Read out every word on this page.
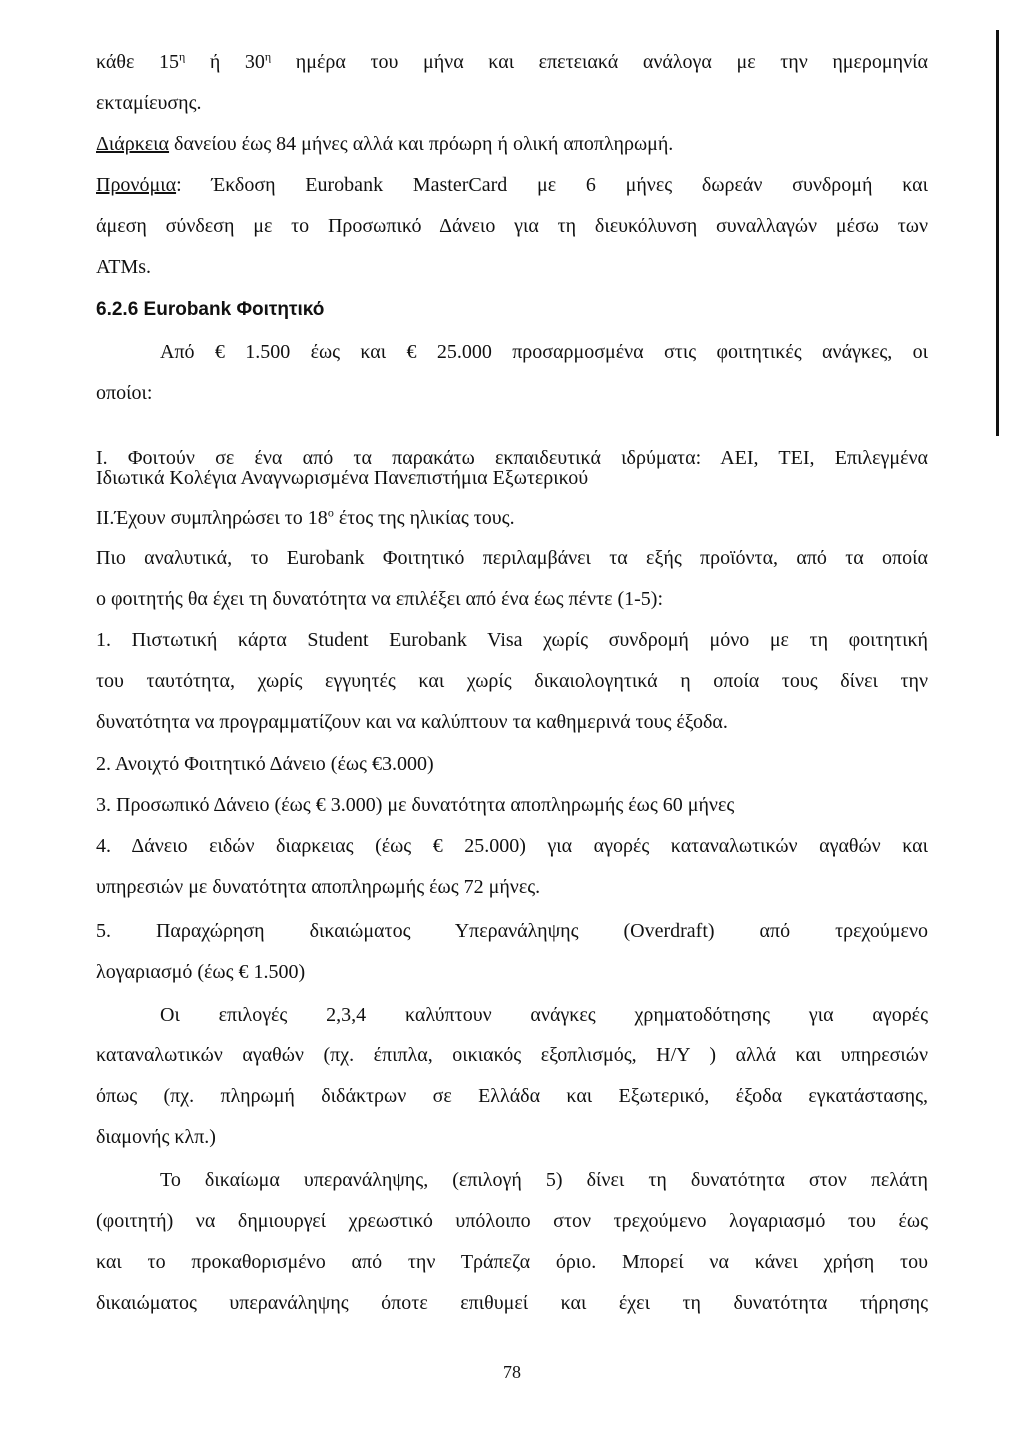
κάθε $15^\eta$ ή $30^\eta$ ημέρα του μήνα και επετειακά ανάλογα με την ημερομηνία
εκταμίευσης.
Διάρκεια δανείου έως 84 μήνες αλλά και πρόωρη ή ολική αποπληρωμή.
Προνόμια: Έκδοση Eurobank MasterCard με 6 μήνες δωρεάν συνδρομή και
άμεση σύνδεση με το Προσωπικό Δάνειο για τη διευκόλυνση συναλλαγών μέσω των
ATMs.
6.2.6 Eurobank Φοιτητικό
Από € 1.500 έως και € 25.000 προσαρμοσμένα στις φοιτητικές ανάγκες, οι
οποίοι:
I. Φοιτούν σε ένα από τα παρακάτω εκπαιδευτικά ιδρύματα: ΑΕΙ, ΤΕΙ, Επιλεγμένα
Ιδιωτικά Κολέγια Αναγνωρισμένα Πανεπιστήμια Εξωτερικού
II.Έχουν συμπληρώσει το $18^o$ έτος της ηλικίας τους.
Πιο αναλυτικά, το Eurobank Φοιτητικό περιλαμβάνει τα εξής προϊόντα, από τα οποία
ο φοιτητής θα έχει τη δυνατότητα να επιλέξει από ένα έως πέντε (1-5):
1. Πιστωτική κάρτα Student Eurobank Visa χωρίς συνδρομή μόνο με τη φοιτητική
του ταυτότητα, χωρίς εγγυητές και χωρίς δικαιολογητικά η οποία τους δίνει την
δυνατότητα να προγραμματίζουν και να καλύπτουν τα καθημερινά τους έξοδα.
2. Ανοιχτό Φοιτητικό Δάνειο (έως €3.000)
3. Προσωπικό Δάνειο (έως € 3.000) με δυνατότητα αποπληρωμής έως 60 μήνες
4. Δάνειο ειδών διαρκειας (έως € 25.000) για αγορές καταναλωτικών αγαθών και
υπηρεσιών με δυνατότητα αποπληρωμής έως 72 μήνες.
5. Παραχώρηση δικαιώματος Υπερανάληψης (Overdraft) από τρεχούμενο
λογαριασμό (έως € 1.500)
Οι επιλογές 2,3,4 καλύπτουν ανάγκες χρηματοδότησης για αγορές
καταναλωτικών αγαθών (πχ. έπιπλα, οικιακός εξοπλισμός, Η/Υ ) αλλά και υπηρεσιών
όπως (πχ. πληρωμή διδάκτρων σε Ελλάδα και Εξωτερικό, έξοδα εγκατάστασης,
διαμονής κλπ.)
Το δικαίωμα υπερανάληψης, (επιλογή 5) δίνει τη δυνατότητα στον πελάτη
(φοιτητή) να δημιουργεί χρεωστικό υπόλοιπο στον τρεχούμενο λογαριασμό του έως
και το προκαθορισμένο από την Τράπεζα όριο. Μπορεί να κάνει χρήση του
δικαιώματος υπερανάληψης όποτε επιθυμεί και έχει τη δυνατότητα τήρησης
78
